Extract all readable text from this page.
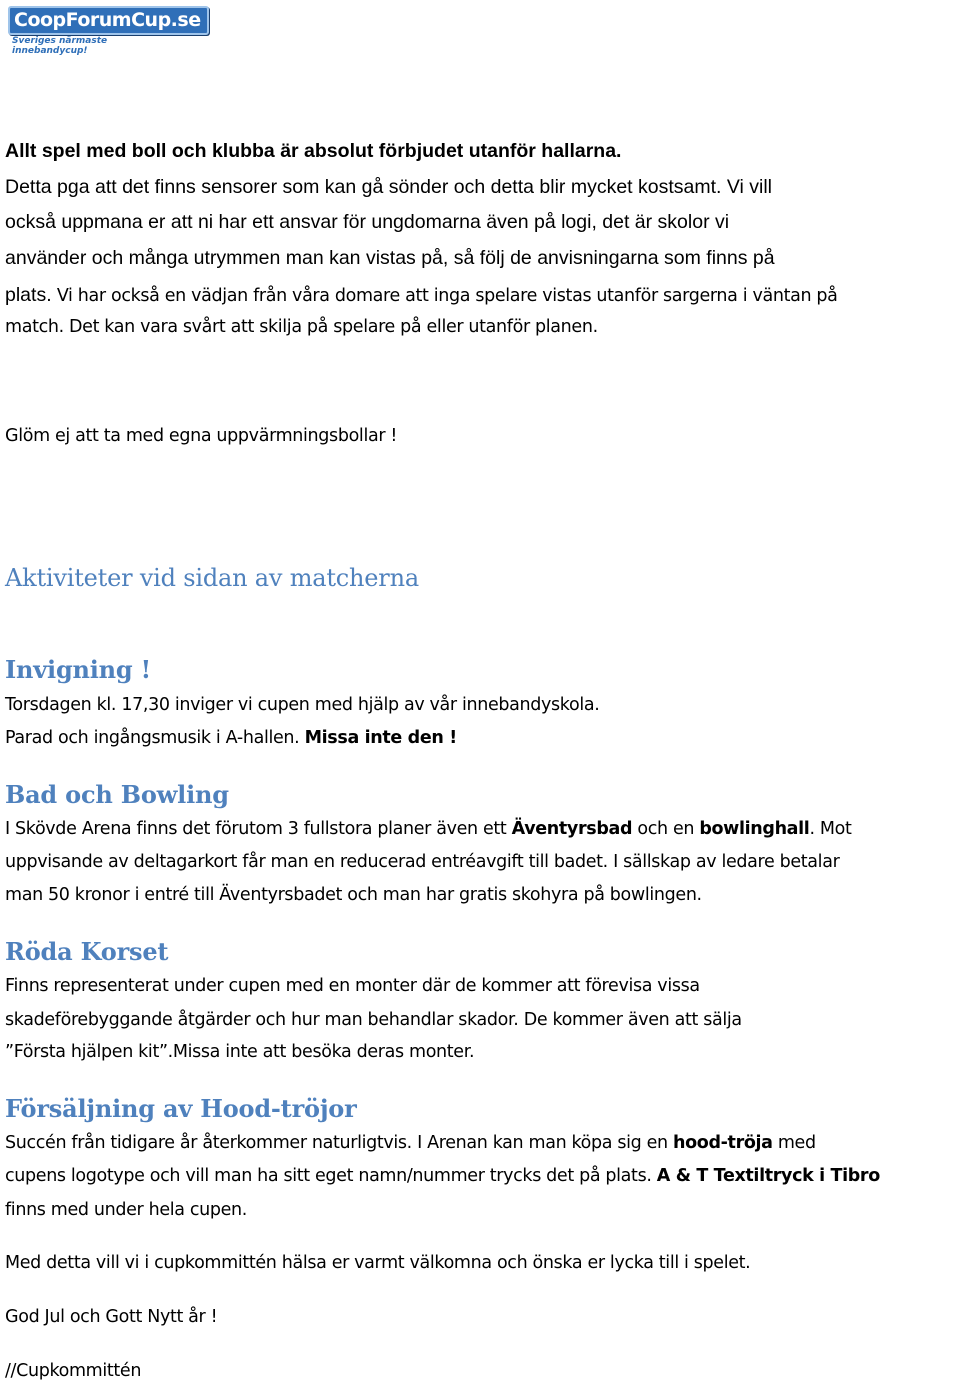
CoopForumCup.se
Sveriges närmaste innebandycup!

Allt spel med boll och klubba är absolut förbjudet utanför hallarna.

Detta pga att det finns sensorer som kan gå sönder och detta blir mycket kostsamt. Vi vill

också uppmana er att ni har ett ansvar för ungdomarna även på logi, det är skolor vi

använder och många utrymmen man kan vistas på, så följ de anvisningarna som finns på

plats. Vi har också en vädjan från våra domare att inga spelare vistas utanför sargerna i väntan på

match. Det kan vara svårt att skilja på spelare på eller utanför planen.

Glöm ej att ta med egna uppvärmningsbollar !

Aktiviteter vid sidan av matcherna
Invigning !

Torsdagen kl. 17,30 inviger vi cupen med hjälp av vår innebandyskola.

Parad och ingångsmusik i A-hallen. Missa inte den !

Bad och Bowling

I Skövde Arena finns det förutom 3 fullstora planer även ett Äventyrsbad och en bowlinghall. Mot

uppvisande av deltagarkort får man en reducerad entréavgift till badet. I sällskap av ledare betalar

man 50 kronor i entré till Äventyrsbadet och man har gratis skohyra på bowlingen.

Röda Korset

Finns representerat under cupen med en monter där de kommer att förevisa vissa

skadeförebyggande åtgärder och hur man behandlar skador. De kommer även att sälja

”Första hjälpen kit”.Missa inte att besöka deras monter.

Försäljning av Hood-tröjor

Succén från tidigare år återkommer naturligtvis. I Arenan kan man köpa sig en hood-tröja med

cupens logotype och vill man ha sitt eget namn/nummer trycks det på plats. A & T Textiltryck i Tibro

finns med under hela cupen.

Med detta vill vi i cupkommittén hälsa er varmt välkomna och önska er lycka till i spelet.

God Jul och Gott Nytt år !

//Cupkommittén
